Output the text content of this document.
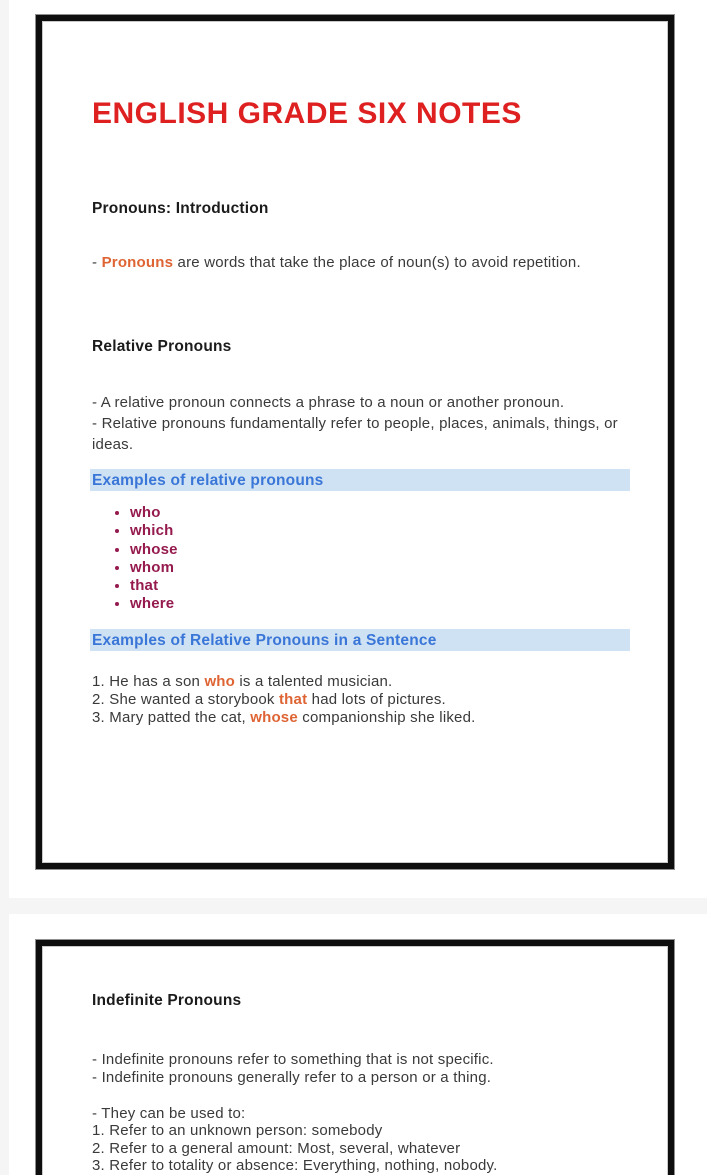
ENGLISH GRADE SIX NOTES
Pronouns: Introduction

- Pronouns are words that take the place of noun(s) to avoid repetition.

Relative Pronouns

- A relative pronoun connects a phrase to a noun or another pronoun.
- Relative pronouns fundamentally refer to people, places, animals, things, or ideas.

Examples of relative pronouns
• who
• which
• whose
• whom
• that
• where
Examples of Relative Pronouns in a Sentence
1. He has a son who is a talented musician.
2. She wanted a storybook that had lots of pictures.
3. Mary patted the cat, whose companionship she liked.
Indefinite Pronouns
- Indefinite pronouns refer to something that is not specific.
- Indefinite pronouns generally refer to a person or a thing.
- They can be used to:
1. Refer to an unknown person: somebody
2. Refer to a general amount: Most, several, whatever
3. Refer to totality or absence: Everything, nothing, nobody.
